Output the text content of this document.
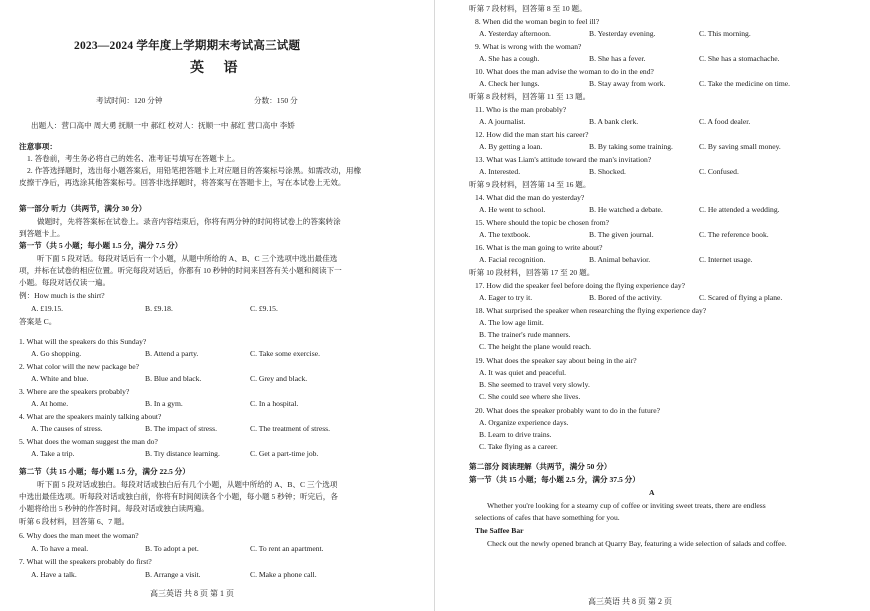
2023—2024 学年度上学期期末考试高三试题
英 语
考试时间：120 分钟	分数：150 分
出题人：营口高中 周大勇 抚顺一中 郝红 校对人：抚顺一中 郝红 营口高中 李娇
注意事项：
1. 答卷前，考生务必将自己的姓名、准考证号填写在答题卡上。
2. 作答选择题时，选出每小题答案后，用铅笔把答题卡上对应题目的答案标号涂黑。如需改动，用橡
皮擦干净后，再选涂其他答案标号。回答非选择题时，将答案写在答题卡上，写在本试卷上无效。
第一部分 听力（共两节，满分 30 分）
做题时，先将答案标在试卷上。录音内容结束后，你将有两分钟的时间将试卷上的答案转涂
到答题卡上。
第一节（共 5 小题；每小题 1.5 分，满分 7.5 分）
听下面 5 段对话。每段对话后有一个小题，从题中所给的 A、B、C 三个选项中选出最佳选
项，并标在试卷的相应位置。听完每段对话后，你都有 10 秒钟的时间来回答有关小题和阅读下一
小题。每段对话仅读一遍。
例：How much is the shirt?
A. £19.15.	B. £9.18.	C. £9.15.
答案是 C。
1. What will the speakers do this Sunday?
A. Go shopping.	B. Attend a party.	C. Take some exercise.
2. What color will the new package be?
A. White and blue.	B. Blue and black.	C. Grey and black.
3. Where are the speakers probably?
A. At home.	B. In a gym.	C. In a hospital.
4. What are the speakers mainly talking about?
A. The causes of stress.	B. The impact of stress.	C. The treatment of stress.
5. What does the woman suggest the man do?
A. Take a trip.	B. Try distance learning.	C. Get a part-time job.
第二节（共 15 小题；每小题 1.5 分，满分 22.5 分）
听下面 5 段对话或独白。每段对话或独白后有几个小题，从题中所给的 A、B、C 三个选项
中选出最佳选项。听每段对话或独白前，你将有时间阅读各个小题，每小题 5 秒钟；听完后，各
小题将给出 5 秒钟的作答时间。每段对话或独白读两遍。
听第 6 段材料，回答第 6、7 题。
6. Why does the man meet the woman?
A. To have a meal.	B. To adopt a pet.	C. To rent an apartment.
7. What will the speakers probably do first?
A. Have a talk.	B. Arrange a visit.	C. Make a phone call.
高三英语 共 8 页 第 1 页
听第 7 段材料，回答第 8 至 10 题。
8. When did the woman begin to feel ill?
A. Yesterday afternoon.	B. Yesterday evening.	C. This morning.
9. What is wrong with the woman?
A. She has a cough.	B. She has a fever.	C. She has a stomachache.
10. What does the man advise the woman to do in the end?
A. Check her lungs.	B. Stay away from work.	C. Take the medicine on time.
听第 8 段材料，回答第 11 至 13 题。
11. Who is the man probably?
A. A journalist.	B. A bank clerk.	C. A food dealer.
12. How did the man start his career?
A. By getting a loan.	B. By taking some training.	C. By saving small money.
13. What was Liam's attitude toward the man's invitation?
A. Interested.	B. Shocked.	C. Confused.
听第 9 段材料，回答第 14 至 16 题。
14. What did the man do yesterday?
A. He went to school.	B. He watched a debate.	C. He attended a wedding.
15. Where should the topic be chosen from?
A. The textbook.	B. The given journal.	C. The reference book.
16. What is the man going to write about?
A. Facial recognition.	B. Animal behavior.	C. Internet usage.
听第 10 段材料，回答第 17 至 20 题。
17. How did the speaker feel before doing the flying experience day?
A. Eager to try it.	B. Bored of the activity.	C. Scared of flying a plane.
18. What surprised the speaker when researching the flying experience day?
A. The low age limit.
B. The trainer's rude manners.
C. The height the plane would reach.
19. What does the speaker say about being in the air?
A. It was quiet and peaceful.
B. She seemed to travel very slowly.
C. She could see where she lives.
20. What does the speaker probably want to do in the future?
A. Organize experience days.
B. Learn to drive trains.
C. Take flying as a career.
第二部分 阅读理解（共两节，满分 50 分）
第一节（共 15 小题；每小题 2.5 分，满分 37.5 分）
A
Whether you're looking for a steamy cup of coffee or inviting sweet treats, there are endless
selections of cafes that have something for you.
The Saffee Bar
Check out the newly opened branch at Quarry Bay, featuring a wide selection of salads and coffee.
高三英语 共 8 页 第 2 页
